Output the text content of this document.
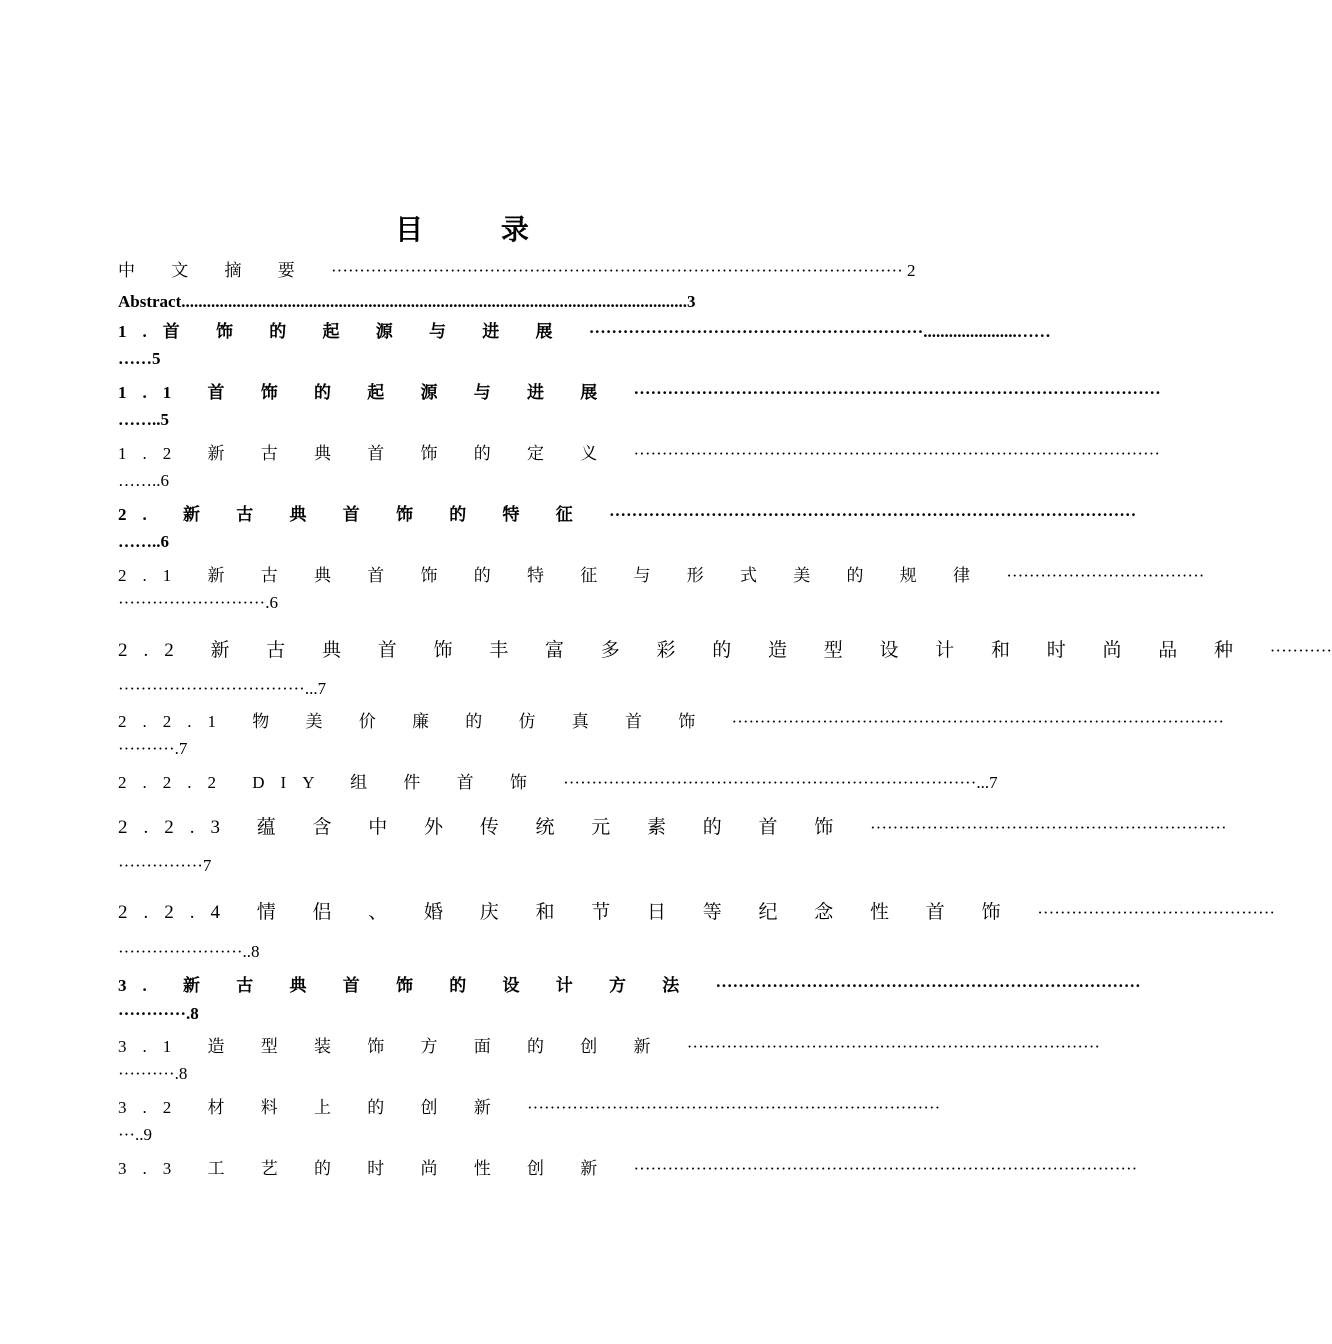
目 录
中 文 摘 要 ····································································································· 2
Abstract.......................................................................................................................3
1.首 饰 的 起 源 与 进 展 ···························································......................……
……5
1.1 首 饰 的 起 源 与 进 展 ·····························································································
……..5
1.2 新 古 典 首 饰 的 定 义 ·····························································································
……..6
2. 新 古 典 首 饰 的 特 征 ·····························································································
……..6
2.1 新 古 典 首 饰 的 特 征 与 形 式 美 的 规 律 ···································
··························.6
2.2 新 古 典 首 饰 丰 富 多 彩 的 造 型 设 计 和 时 尚 品 种 ···········
·································...7
2.2.1 物 美 价 廉 的 仿 真 首 饰 ·······················································································
··········.7
2.2.2 DIY 组 件 首 饰 ·········································································...7
2.2.3 蕴 含 中 外 传 统 元 素 的 首 饰 ·······························································
···············7
2.2.4 情 侣 、 婚 庆 和 节 日 等 纪 念 性 首 饰 ··········································
······················..8
3. 新 古 典 首 饰 的 设 计 方 法 ···········································································
············.8
3.1 造 型 装 饰 方 面 的 创 新 ·········································································
··········.8
3.2 材 料 上 的 创 新 ·········································································
···..9
3.3 工 艺 的 时 尚 性 创 新 ·························································································
